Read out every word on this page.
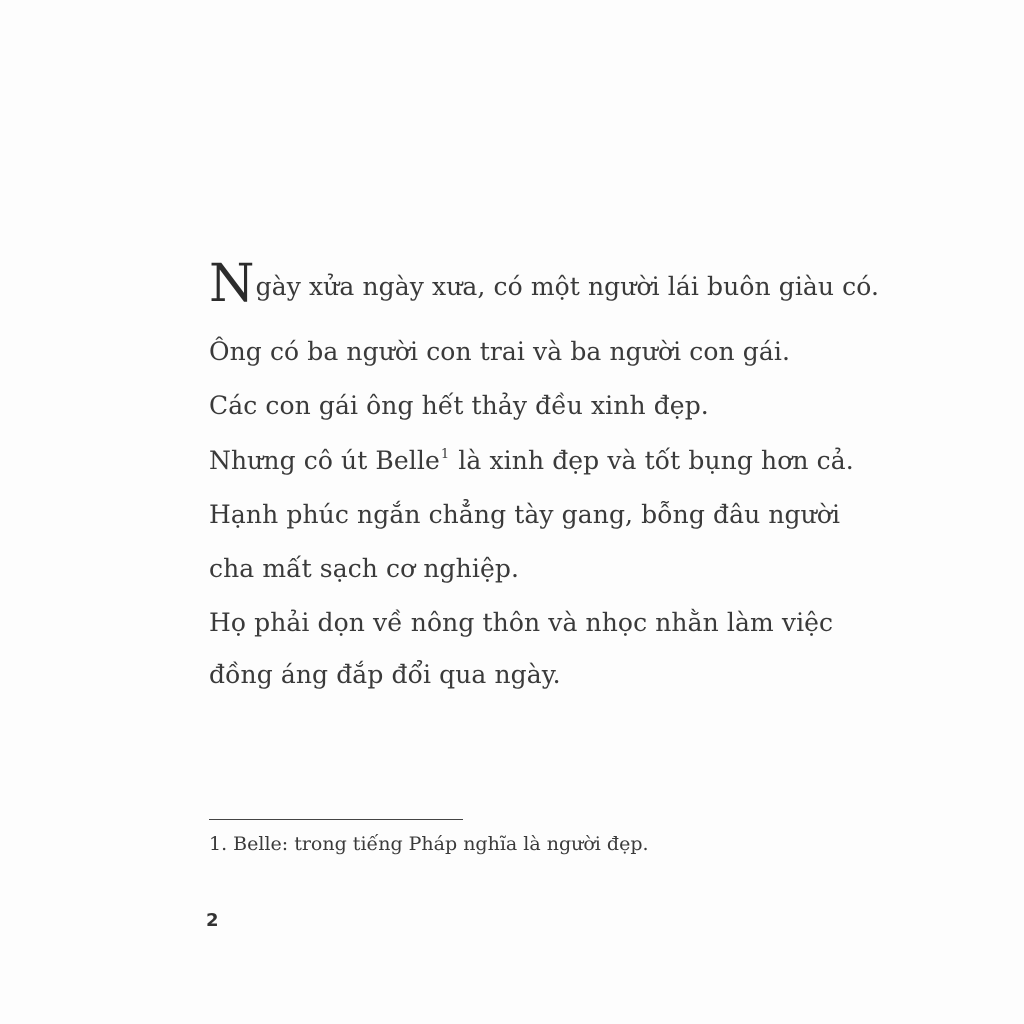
Ngày xửa ngày xưa, có một người lái buôn giàu có.
Ông có ba người con trai và ba người con gái.
Các con gái ông hết thảy đều xinh đẹp.
Nhưng cô út Belle$^1$ là xinh đẹp và tốt bụng hơn cả.
Hạnh phúc ngắn chẳng tày gang, bỗng đâu người
cha mất sạch cơ nghiệp.
Họ phải dọn về nông thôn và nhọc nhằn làm việc
đồng áng đắp đổi qua ngày.
1. Belle: trong tiếng Pháp nghĩa là người đẹp.
2
